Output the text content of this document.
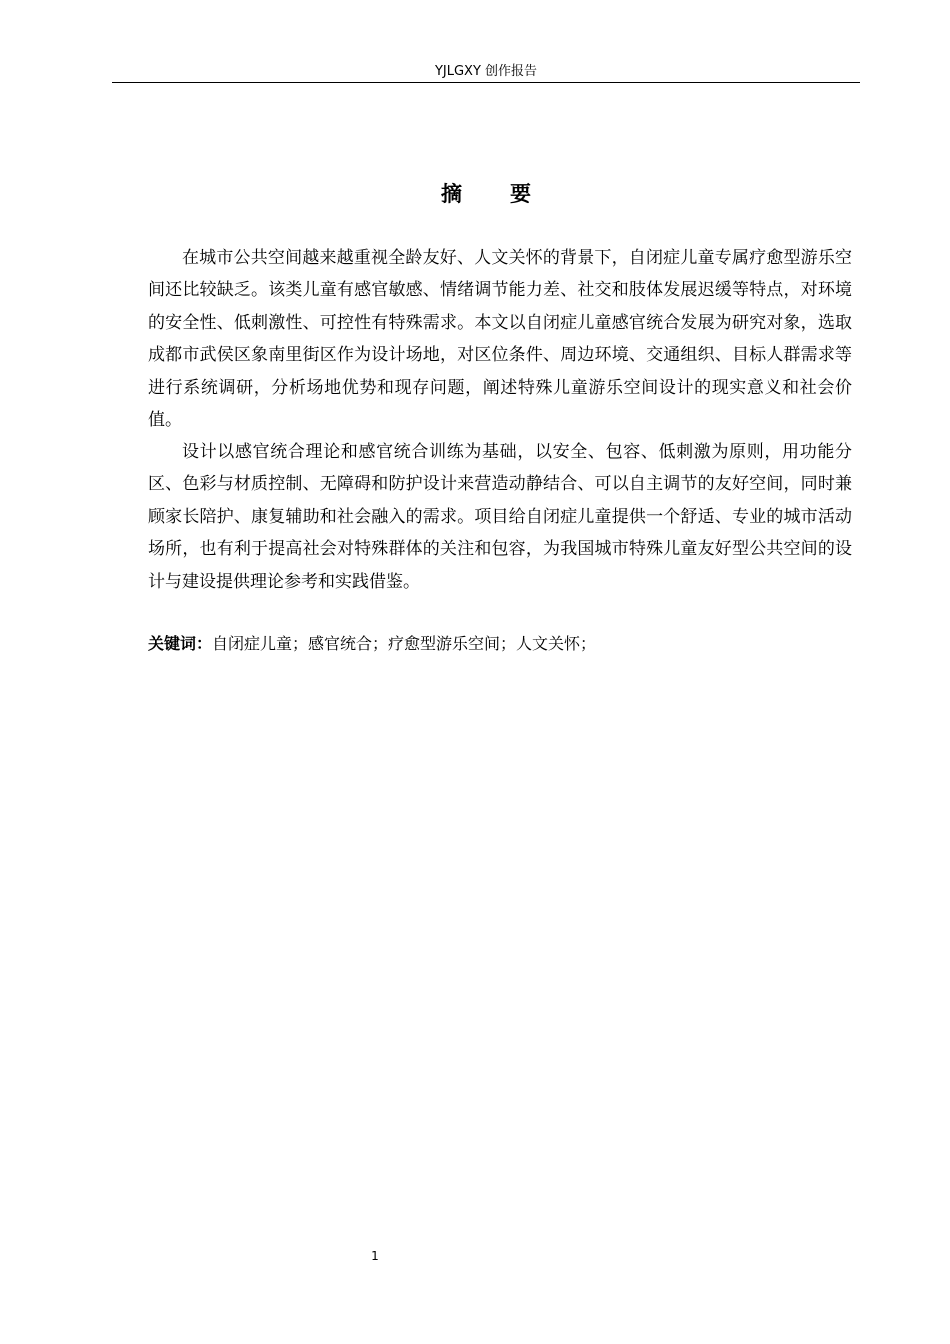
YJLGXY 创作报告
摘要

在城市公共空间越来越重视全龄友好、人文关怀的背景下，自闭症儿童专属疗愈型游乐空间还比较缺乏。该类儿童有感官敏感、情绪调节能力差、社交和肢体发展迟缓等特点，对环境的安全性、低刺激性、可控性有特殊需求。本文以自闭症儿童感官统合发展为研究对象，选取成都市武侯区象南里街区作为设计场地，对区位条件、周边环境、交通组织、目标人群需求等进行系统调研，分析场地优势和现存问题，阐述特殊儿童游乐空间设计的现实意义和社会价值。

设计以感官统合理论和感官统合训练为基础，以安全、包容、低刺激为原则，用功能分区、色彩与材质控制、无障碍和防护设计来营造动静结合、可以自主调节的友好空间，同时兼顾家长陪护、康复辅助和社会融入的需求。项目给自闭症儿童提供一个舒适、专业的城市活动场所，也有利于提高社会对特殊群体的关注和包容，为我国城市特殊儿童友好型公共空间的设计与建设提供理论参考和实践借鉴。

关键词：自闭症儿童；感官统合；疗愈型游乐空间；人文关怀；
1
